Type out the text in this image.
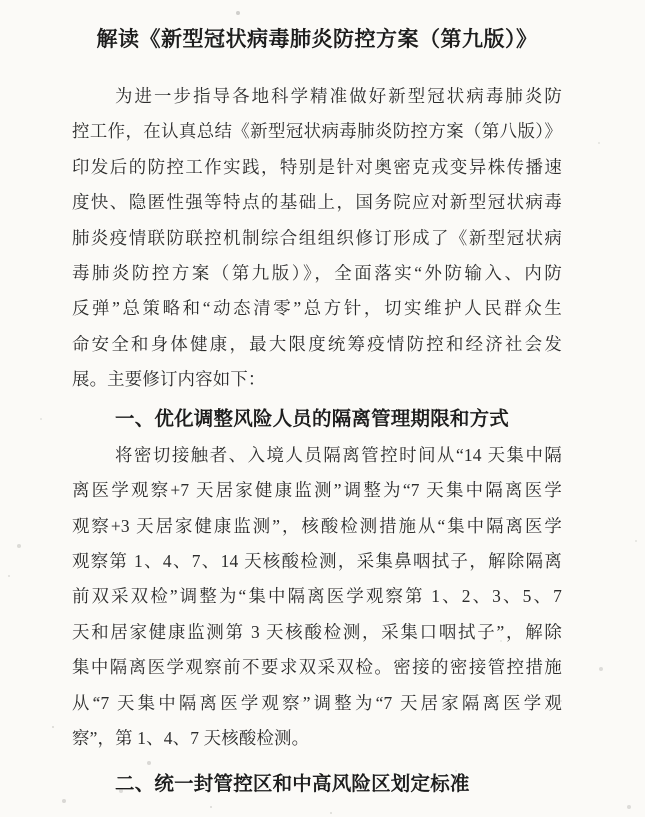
解读《新型冠状病毒肺炎防控方案（第九版）》
为进一步指导各地科学精准做好新型冠状病毒肺炎防
控工作，在认真总结《新型冠状病毒肺炎防控方案（第八版）》
印发后的防控工作实践，特别是针对奥密克戎变异株传播速
度快、隐匿性强等特点的基础上，国务院应对新型冠状病毒
肺炎疫情联防联控机制综合组组织修订形成了《新型冠状病
毒肺炎防控方案（第九版）》，全面落实“外防输入、内防
反弹”总策略和“动态清零”总方针，切实维护人民群众生
命安全和身体健康，最大限度统筹疫情防控和经济社会发
展。主要修订内容如下：
一、优化调整风险人员的隔离管理期限和方式
将密切接触者、入境人员隔离管控时间从“14 天集中隔
离医学观察+7 天居家健康监测”调整为“7 天集中隔离医学
观察+3 天居家健康监测”，核酸检测措施从“集中隔离医学
观察第 1、4、7、14 天核酸检测，采集鼻咽拭子，解除隔离
前双采双检”调整为“集中隔离医学观察第 1、2、3、5、7
天和居家健康监测第 3 天核酸检测，采集口咽拭子”，解除
集中隔离医学观察前不要求双采双检。密接的密接管控措施
从“7 天集中隔离医学观察”调整为“7 天居家隔离医学观
察”，第 1、4、7 天核酸检测。
二、统一封管控区和中高风险区划定标准
